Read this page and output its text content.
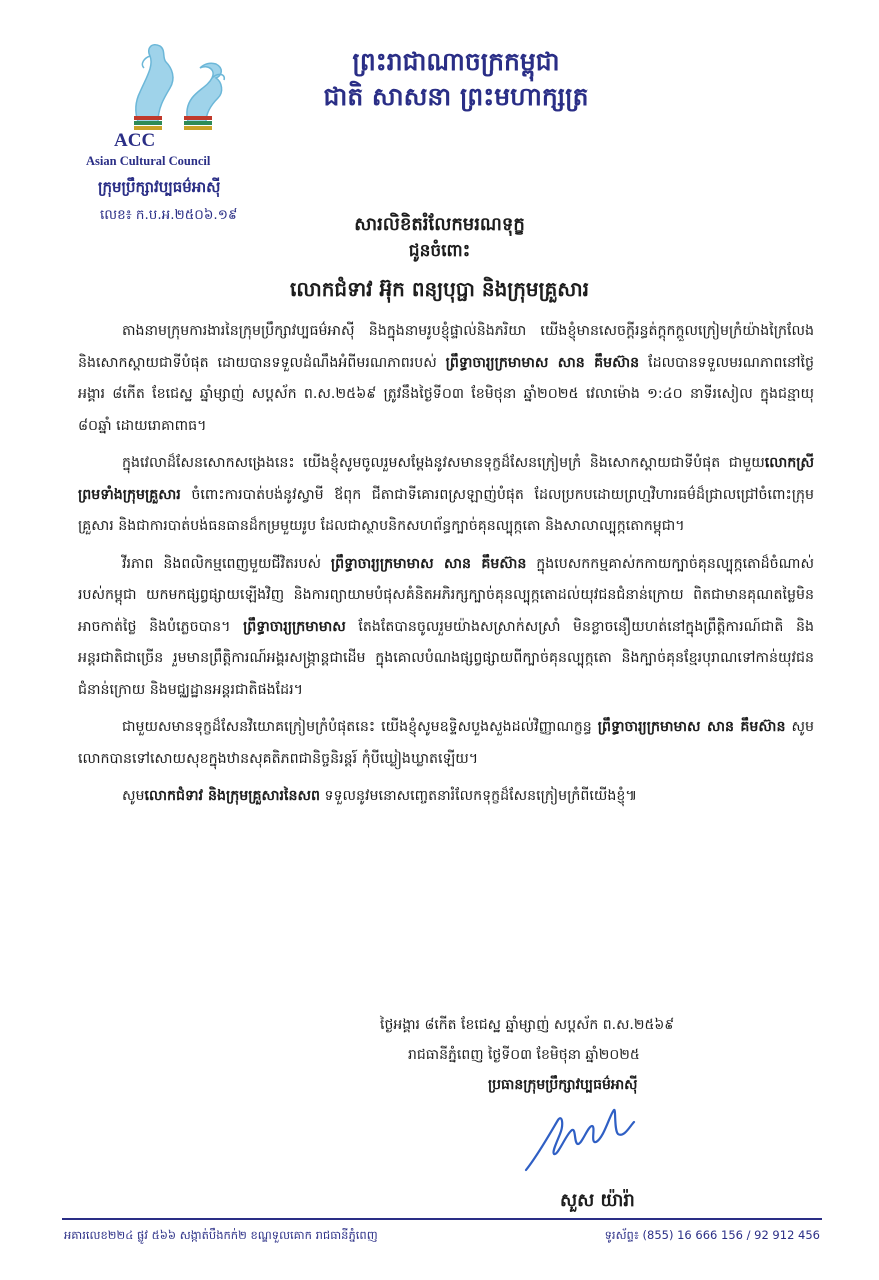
ACC
Asian Cultural Council
ក្រុមប្រឹក្សាវប្បធម៌អាស៊ី
លេខ៖ ក.ប.អ.២៥០៦.១៩
ព្រះរាជាណាចក្រកម្ពុជា
ជាតិ សាសនា ព្រះមហាក្សត្រ
សារលិខិតរំលែកមរណទុក្ខ
ជូនចំពោះ
លោកជំទាវ អ៊ុក ពន្យបុប្ផា និងក្រុមគ្រួសារ

តាងនាមក្រុមការងារនៃក្រុមប្រឹក្សាវប្បធម៌អាស៊ី និងក្នុងនាមរូបខ្ញុំផ្ទាល់និងភរិយា យើងខ្ញុំមានសេចក្ដីរន្ធត់ក្ដុកក្ដួលក្រៀមក្រំយ៉ាងក្រៃលែង និងសោកស្ដាយជាទីបំផុត ដោយបានទទួលដំណឹងអំពីមរណភាពរបស់ ព្រឹទ្ធាចារ្យក្រមាមាស សាន គឹមស៊ាន ដែលបានទទួលមរណភាពនៅថ្ងៃអង្គារ ៨កើត ខែជេស្ឋ ឆ្នាំម្សាញ់ សប្តស័ក ព.ស.២៥៦៩ ត្រូវនឹងថ្ងៃទី០៣ ខែមិថុនា ឆ្នាំ២០២៥ វេលាម៉ោង ១:៤០ នាទីរសៀល ក្នុងជន្មាយុ ៨០ឆ្នាំ ដោយរោគាពាធ។

ក្នុងវេលាដ៏សែនសោកសង្រេងនេះ យើងខ្ញុំសូមចូលរួមសម្ដែងនូវសមានទុក្ខដ៏សែនក្រៀមក្រំ និងសោកស្ដាយជាទីបំផុត ជាមួយលោកស្រីព្រមទាំងក្រុមគ្រួសារ ចំពោះការបាត់បង់នូវស្វាមី ឪពុក ជីតាជាទីគោរពស្រឡាញ់បំផុត ដែលប្រកបដោយព្រហ្មវិហារធម៌ដ៏ជ្រាលជ្រៅចំពោះក្រុមគ្រួសារ និងជាការបាត់បង់ធនធានដ៏កម្រមួយរូប ដែលជាស្ថាបនិកសហព័ន្ធក្បាច់គុនល្បុក្កតោ និងសាលាល្បុក្កតោកម្ពុជា។

វីរភាព និងពលិកម្មពេញមួយជីវិតរបស់ ព្រឹទ្ធាចារ្យក្រមាមាស សាន គឹមស៊ាន ក្នុងបេសកកម្មគាស់កកាយក្បាច់គុនល្បុក្កតោដ៏ចំណាស់របស់កម្ពុជា យកមកផ្សព្វផ្សាយឡើងវិញ និងការព្យាយាមបំផុសគំនិតអភិរក្សក្បាច់គុនល្បុក្កតោដល់យុវជនជំនាន់ក្រោយ ពិតជាមានគុណតម្លៃមិនអាចកាត់ថ្លៃ និងបំភ្លេចបាន។ ព្រឹទ្ធាចារ្យក្រមាមាស តែងតែបានចូលរួមយ៉ាងសស្រាក់សស្រាំ មិនខ្លាចនឿយហត់នៅក្នុងព្រឹត្តិការណ៍ជាតិ និងអន្តរជាតិជាច្រើន រួមមានព្រឹត្តិការណ៍អង្គរសង្ក្រាន្តជាដើម ក្នុងគោលបំណងផ្សព្វផ្សាយពីក្បាច់គុនល្បុក្កតោ និងក្បាច់គុនខ្មែរបុរាណទៅកាន់យុវជនជំនាន់ក្រោយ និងមជ្ឈដ្ឋានអន្តរជាតិផងដែរ។

ជាមួយសមានទុក្ខដ៏សែនវិយោគក្រៀមក្រំបំផុតនេះ យើងខ្ញុំសូមឧទ្ទិសបួងសួងដល់វិញ្ញាណក្ខន្ធ ព្រឹទ្ធាចារ្យក្រមាមាស សាន គឹមស៊ាន សូមលោកបានទៅសោយសុខក្នុងឋានសុគតិភពជានិច្ចនិរន្តរ៍ កុំបីឃ្លៀងឃ្លាតឡើយ។

សូមលោកជំទាវ និងក្រុមគ្រួសារនៃសព ទទួលនូវមនោសញ្ចេតនារំលែកទុក្ខដ៏សែនក្រៀមក្រំពីយើងខ្ញុំ៕

ថ្ងៃអង្គារ ៨កើត ខែជេស្ឋ ឆ្នាំម្សាញ់ សប្តស័ក ព.ស.២៥៦៩
រាជធានីភ្នំពេញ ថ្ងៃទី០៣ ខែមិថុនា ឆ្នាំ២០២៥
ប្រធានក្រុមប្រឹក្សាវប្បធម៌អាស៊ី
សួស យ៉ារ៉ា
អគារលេខ២២៤ ផ្លូវ ៥៦៦ សង្កាត់បឹងកក់២ ខណ្ឌទួលគោក រាជធានីភ្នំពេញ	ទូរស័ព្ទ៖ (855) 16 666 156 / 92 912 456
